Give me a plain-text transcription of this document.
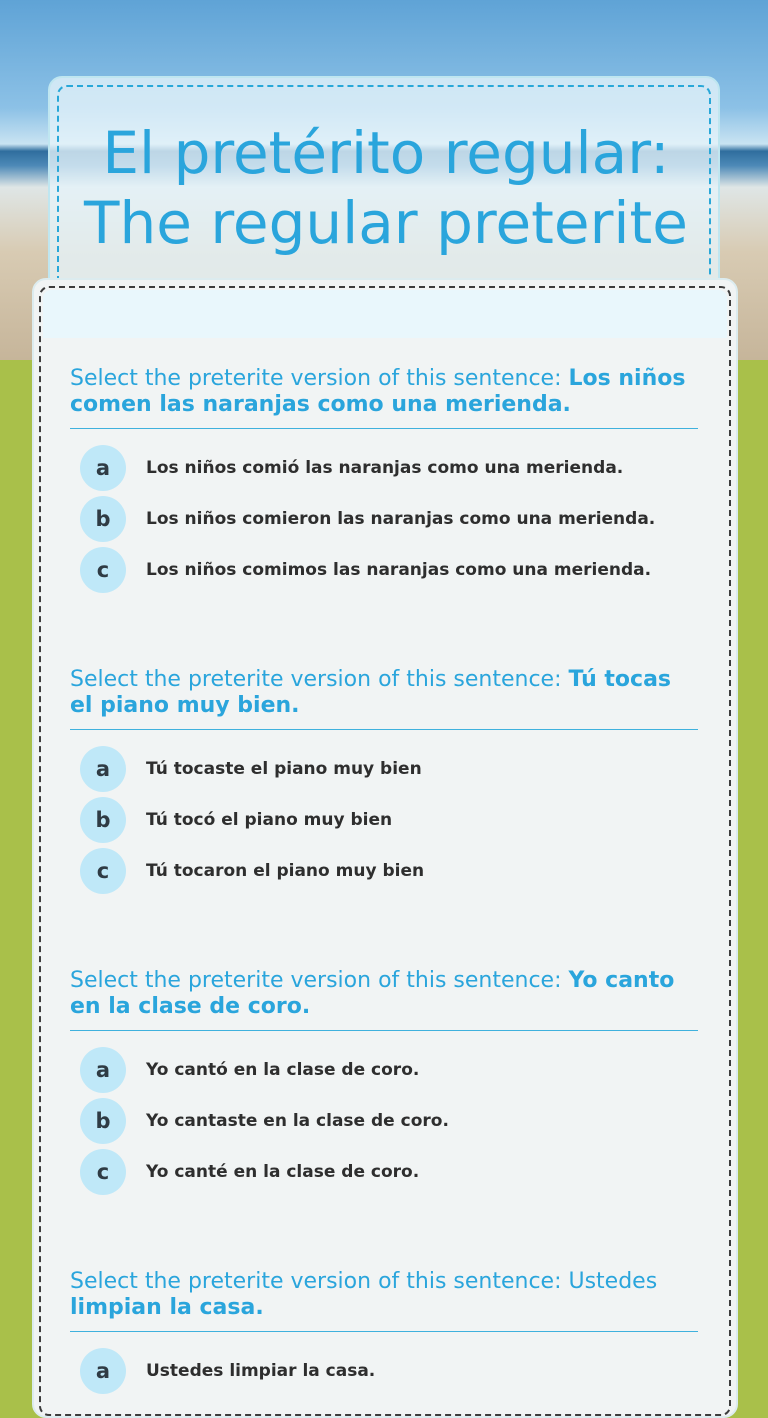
El pretérito regular: The regular preterite
Select the preterite version of this sentence: Los niños comen las naranjas como una merienda.
a	Los niños comió las naranjas como una merienda.
b	Los niños comieron las naranjas como una merienda.
c	Los niños comimos las naranjas como una merienda.
Select the preterite version of this sentence: Tú tocas el piano muy bien.
a	Tú tocaste el piano muy bien
b	Tú tocó el piano muy bien
c	Tú tocaron el piano muy bien
Select the preterite version of this sentence: Yo canto en la clase de coro.
a	Yo cantó en la clase de coro.
b	Yo cantaste en la clase de coro.
c	Yo canté en la clase de coro.
Select the preterite version of this sentence: Ustedes limpian la casa.
a	Ustedes limpiar la casa.
